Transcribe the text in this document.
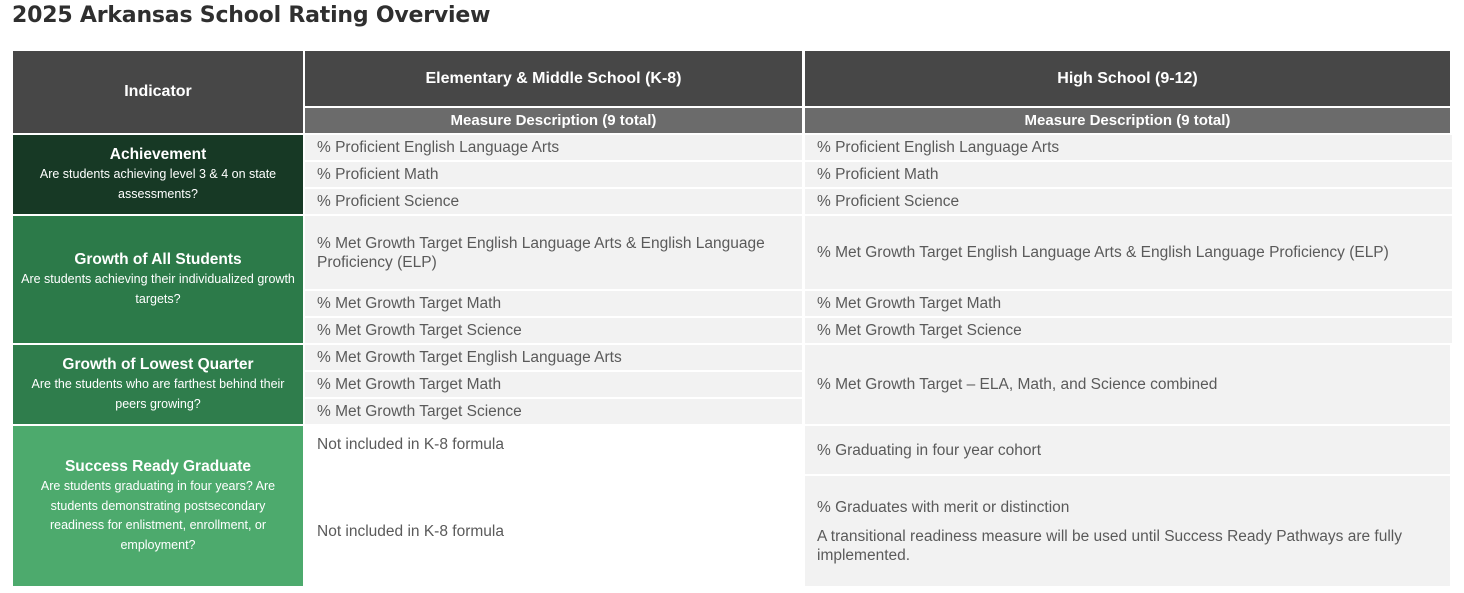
2025 Arkansas School Rating Overview
Indicator
Elementary & Middle School (K-8)	High School (9-12)
Measure Description (9 total)	Measure Description (9 total)
Achievement
Are students achieving level 3 & 4 on state assessments?
Growth of All Students
Are students achieving their individualized growth targets?
Growth of Lowest Quarter
Are the students who are farthest behind their peers growing?
Success Ready Graduate
Are students graduating in four years? Are students demonstrating postsecondary readiness for enlistment, enrollment, or employment?
% Proficient English Language Arts
% Proficient Math
% Proficient Science
% Met Growth Target English Language Arts & English Language Proficiency (ELP)
% Met Growth Target Math
% Met Growth Target Science
% Met Growth Target English Language Arts
% Met Growth Target Math
% Met Growth Target Science
Not included in K-8 formula
Not included in K-8 formula
% Proficient English Language Arts
% Proficient Math
% Proficient Science
% Met Growth Target English Language Arts & English Language Proficiency (ELP)
% Met Growth Target Math
% Met Growth Target Science
% Met Growth Target – ELA, Math, and Science combined
% Graduating in four year cohort
% Graduates with merit or distinction
A transitional readiness measure will be used until Success Ready Pathways are fully implemented.
